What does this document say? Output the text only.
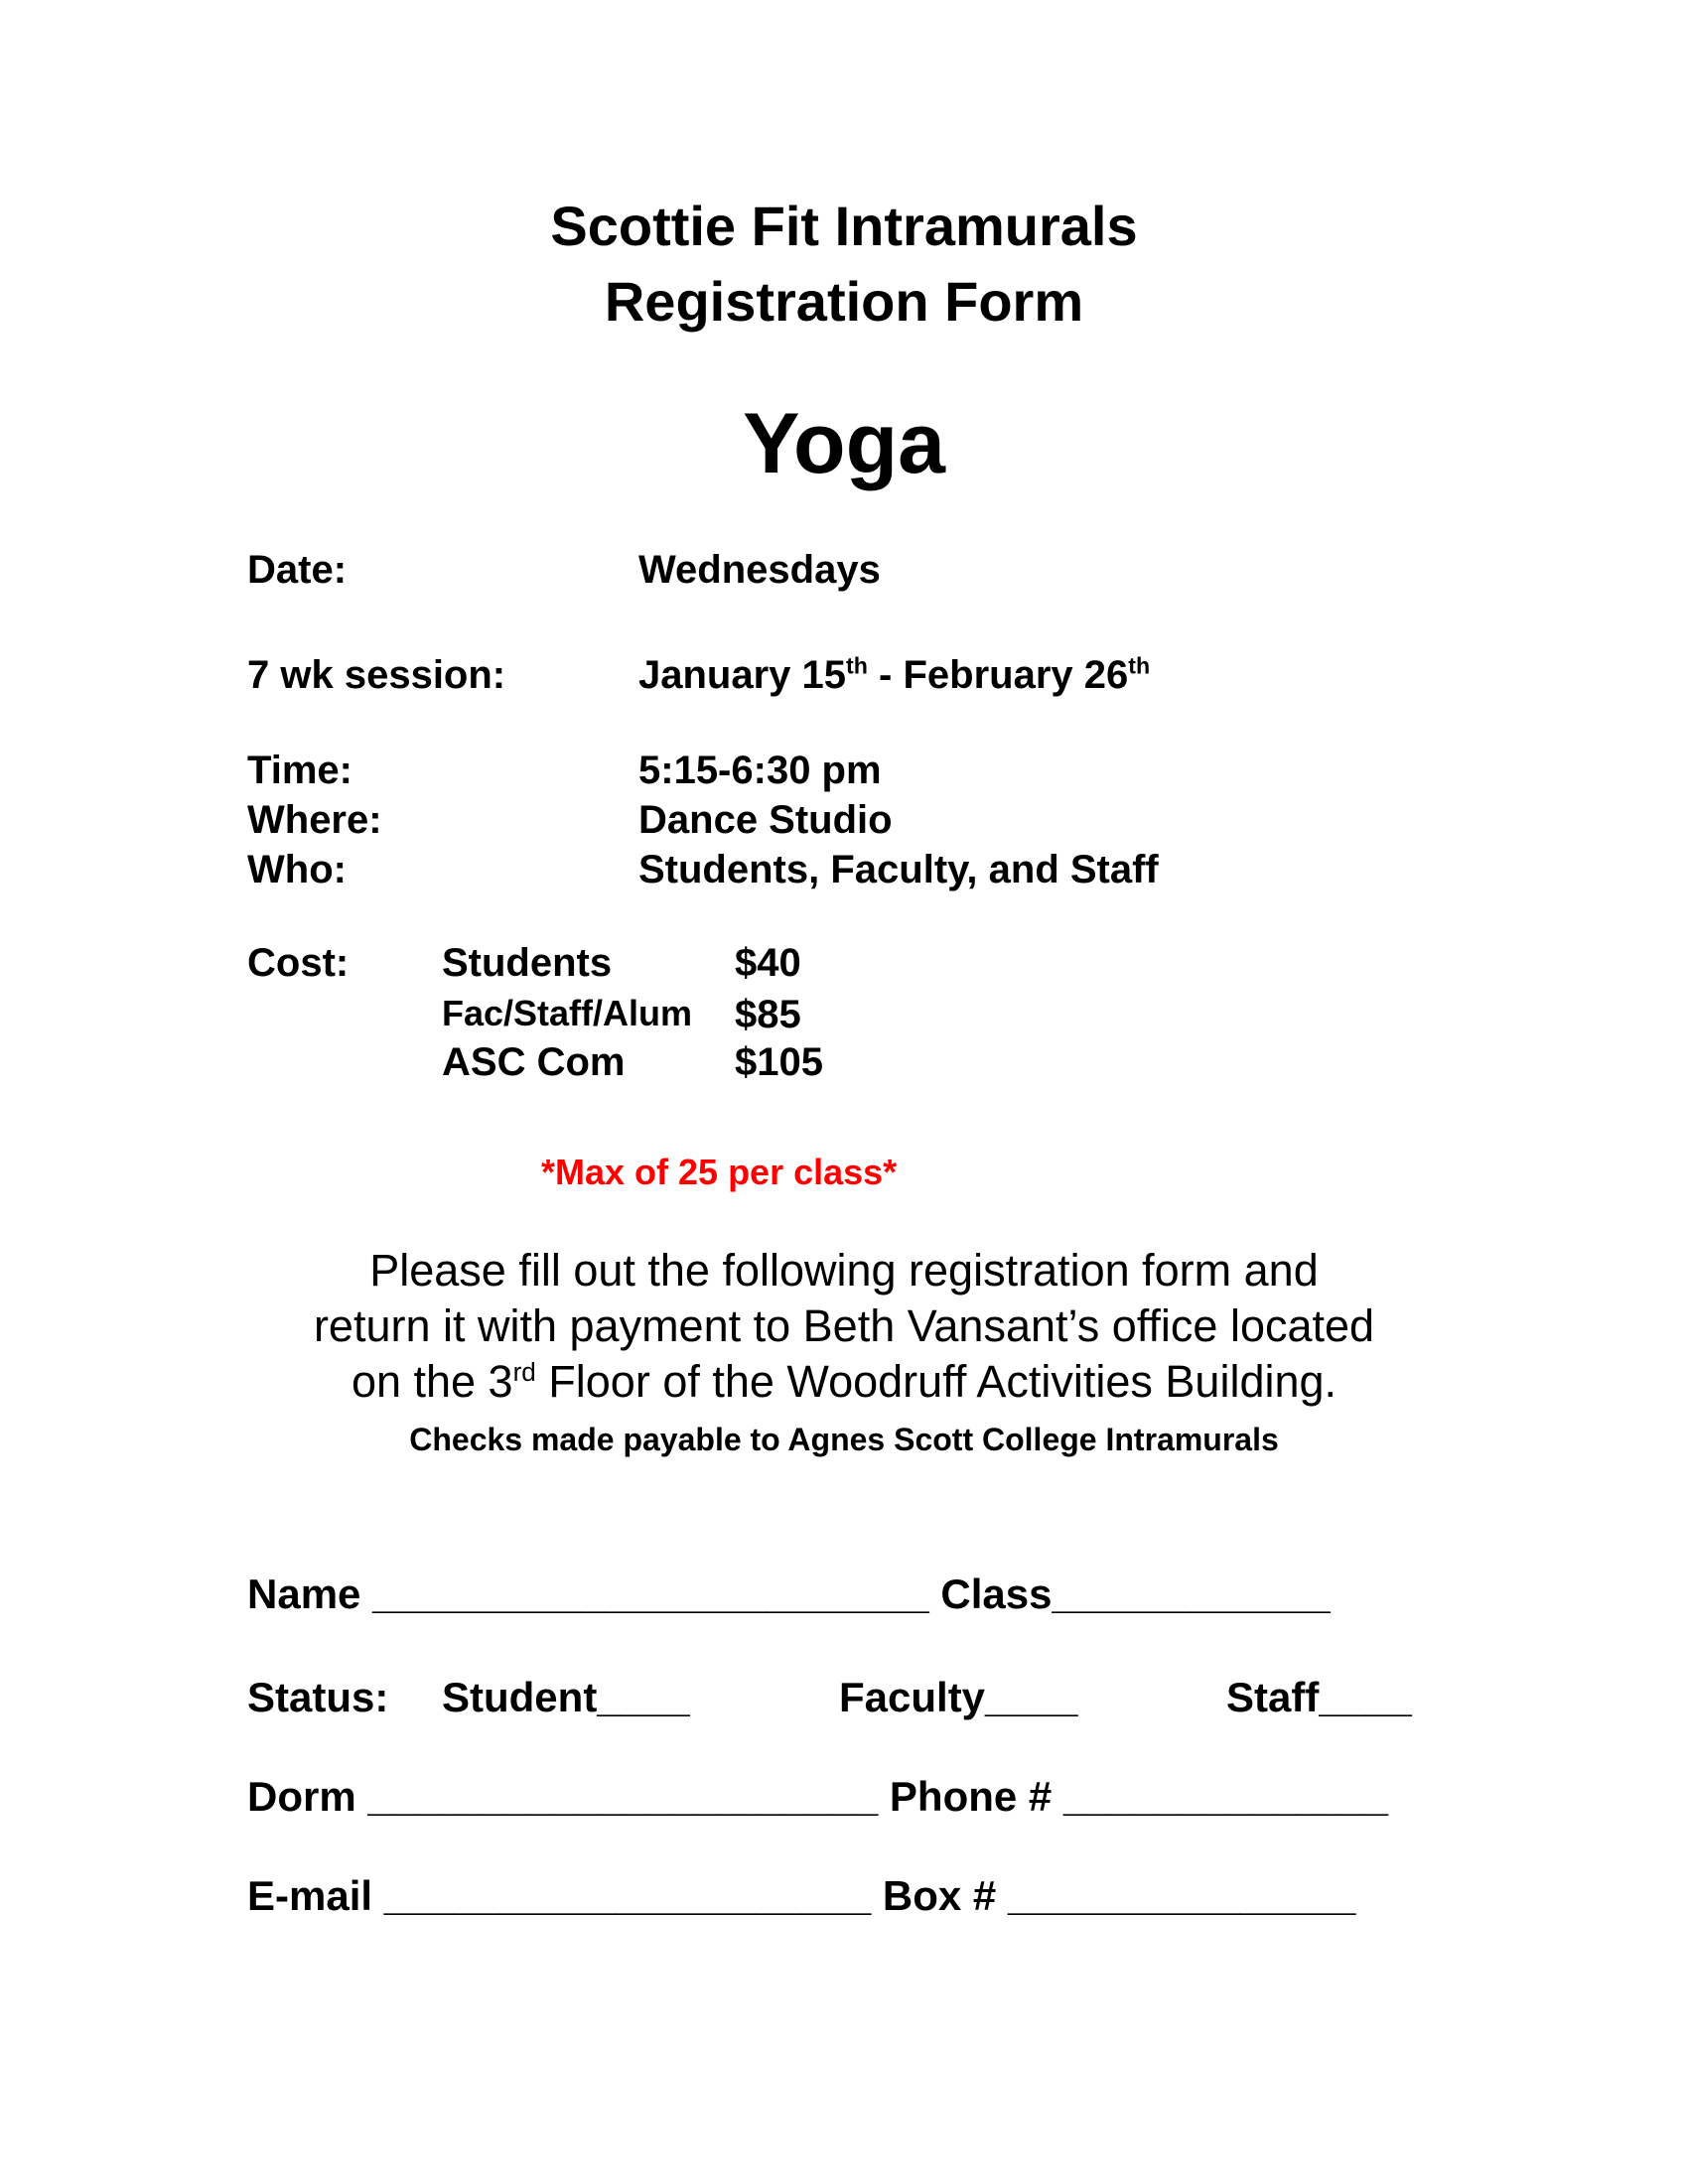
Scottie Fit Intramurals
Registration Form
Yoga
Date:	Wednesdays
7 wk session:	January 15th - February 26th
Time:	5:15-6:30 pm
Where:	Dance Studio
Who:	Students, Faculty, and Staff
Cost: Students	$40
Fac/Staff/Alum $85
ASC Com	$105
*Max of 25 per class*
Please fill out the following registration form and
return it with payment to Beth Vansant’s office located
on the 3rd Floor of the Woodruff Activities Building.
Checks made payable to Agnes Scott College Intramurals
Name ________________________ Class____________
Status: Student____	Faculty____	Staff____
Dorm ______________________ Phone # ______________
E-mail _____________________ Box # _______________
